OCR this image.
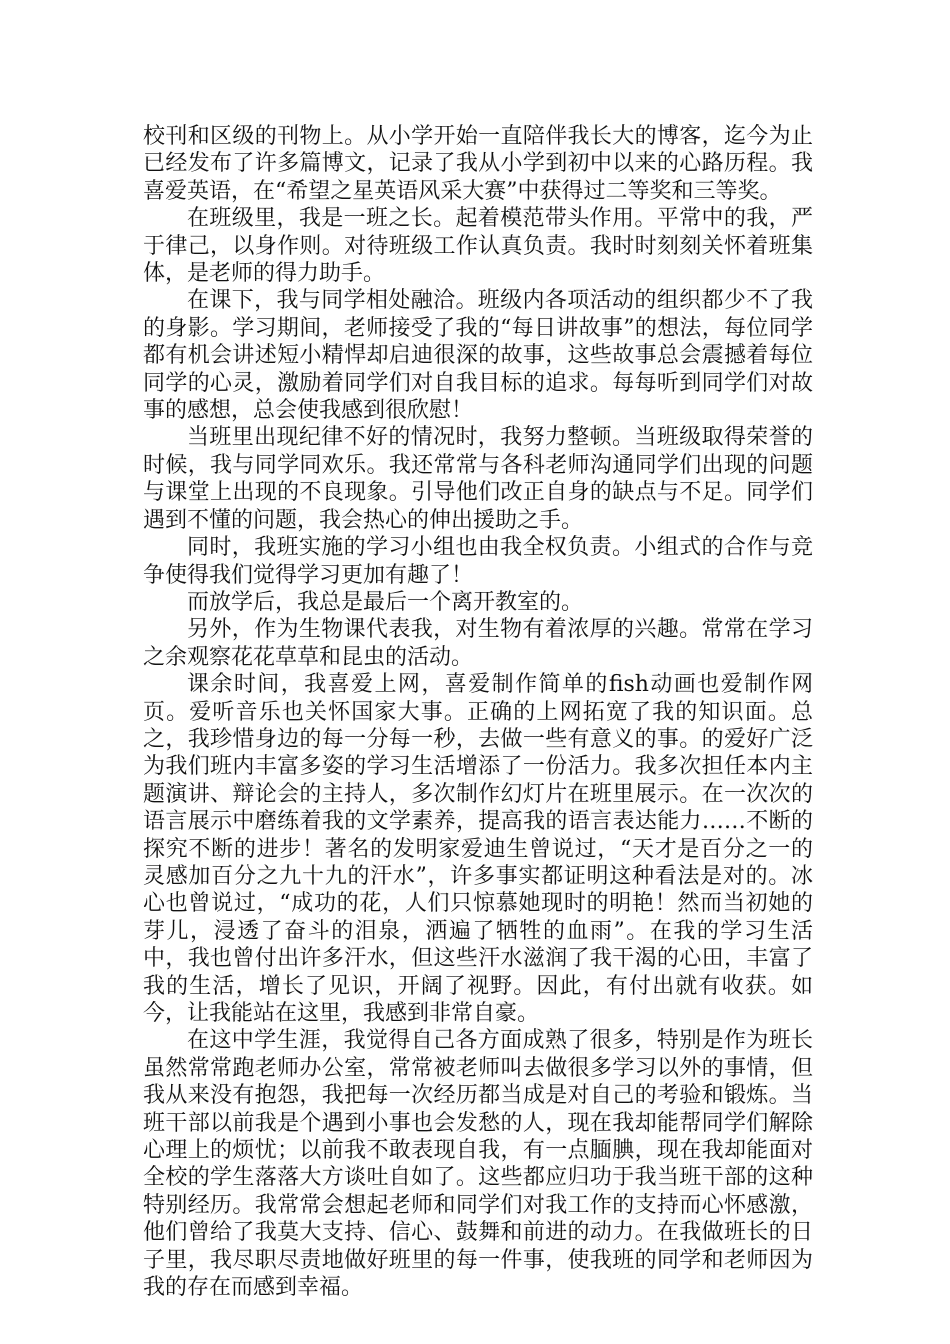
校刊和区级的刊物上。从小学开始一直陪伴我长大的博客，迄今为止已经发布了许多篇博文，记录了我从小学到初中以来的心路历程。我喜爱英语，在“希望之星英语风采大赛”中获得过二等奖和三等奖。

在班级里，我是一班之长。起着模范带头作用。平常中的我，严于律己，以身作则。对待班级工作认真负责。我时时刻刻关怀着班集体，是老师的得力助手。

在课下，我与同学相处融洽。班级内各项活动的组织都少不了我的身影。学习期间，老师接受了我的“每日讲故事”的想法，每位同学都有机会讲述短小精悍却启迪很深的故事，这些故事总会震撼着每位同学的心灵，激励着同学们对自我目标的追求。每每听到同学们对故事的感想，总会使我感到很欣慰！

当班里出现纪律不好的情况时，我努力整顿。当班级取得荣誉的时候，我与同学同欢乐。我还常常与各科老师沟通同学们出现的问题与课堂上出现的不良现象。引导他们改正自身的缺点与不足。同学们遇到不懂的问题，我会热心的伸出援助之手。

同时，我班实施的学习小组也由我全权负责。小组式的合作与竞争使得我们觉得学习更加有趣了！

而放学后，我总是最后一个离开教室的。

另外，作为生物课代表我，对生物有着浓厚的兴趣。常常在学习之余观察花花草草和昆虫的活动。

课余时间，我喜爱上网，喜爱制作简单的fish动画也爱制作网页。爱听音乐也关怀国家大事。正确的上网拓宽了我的知识面。总之，我珍惜身边的每一分每一秒，去做一些有意义的事。的爱好广泛为我们班内丰富多姿的学习生活增添了一份活力。我多次担任本内主题演讲、辩论会的主持人，多次制作幻灯片在班里展示。在一次次的语言展示中磨练着我的文学素养，提高我的语言表达能力……不断的探究不断的进步！著名的发明家爱迪生曾说过，“天才是百分之一的灵感加百分之九十九的汗水”，许多事实都证明这种看法是对的。冰心也曾说过，“成功的花，人们只惊慕她现时的明艳！然而当初她的芽儿，浸透了奋斗的泪泉，洒遍了牺牲的血雨”。在我的学习生活中，我也曾付出许多汗水，但这些汗水滋润了我干渴的心田，丰富了我的生活，增长了见识，开阔了视野。因此，有付出就有收获。如今，让我能站在这里，我感到非常自豪。

在这中学生涯，我觉得自己各方面成熟了很多，特别是作为班长虽然常常跑老师办公室，常常被老师叫去做很多学习以外的事情，但我从来没有抱怨，我把每一次经历都当成是对自己的考验和锻炼。当班干部以前我是个遇到小事也会发愁的人，现在我却能帮同学们解除心理上的烦忧；以前我不敢表现自我，有一点腼腆，现在我却能面对全校的学生落落大方谈吐自如了。这些都应归功于我当班干部的这种特别经历。我常常会想起老师和同学们对我工作的支持而心怀感激，他们曾给了我莫大支持、信心、鼓舞和前进的动力。在我做班长的日子里，我尽职尽责地做好班里的每一件事，使我班的同学和老师因为我的存在而感到幸福。
